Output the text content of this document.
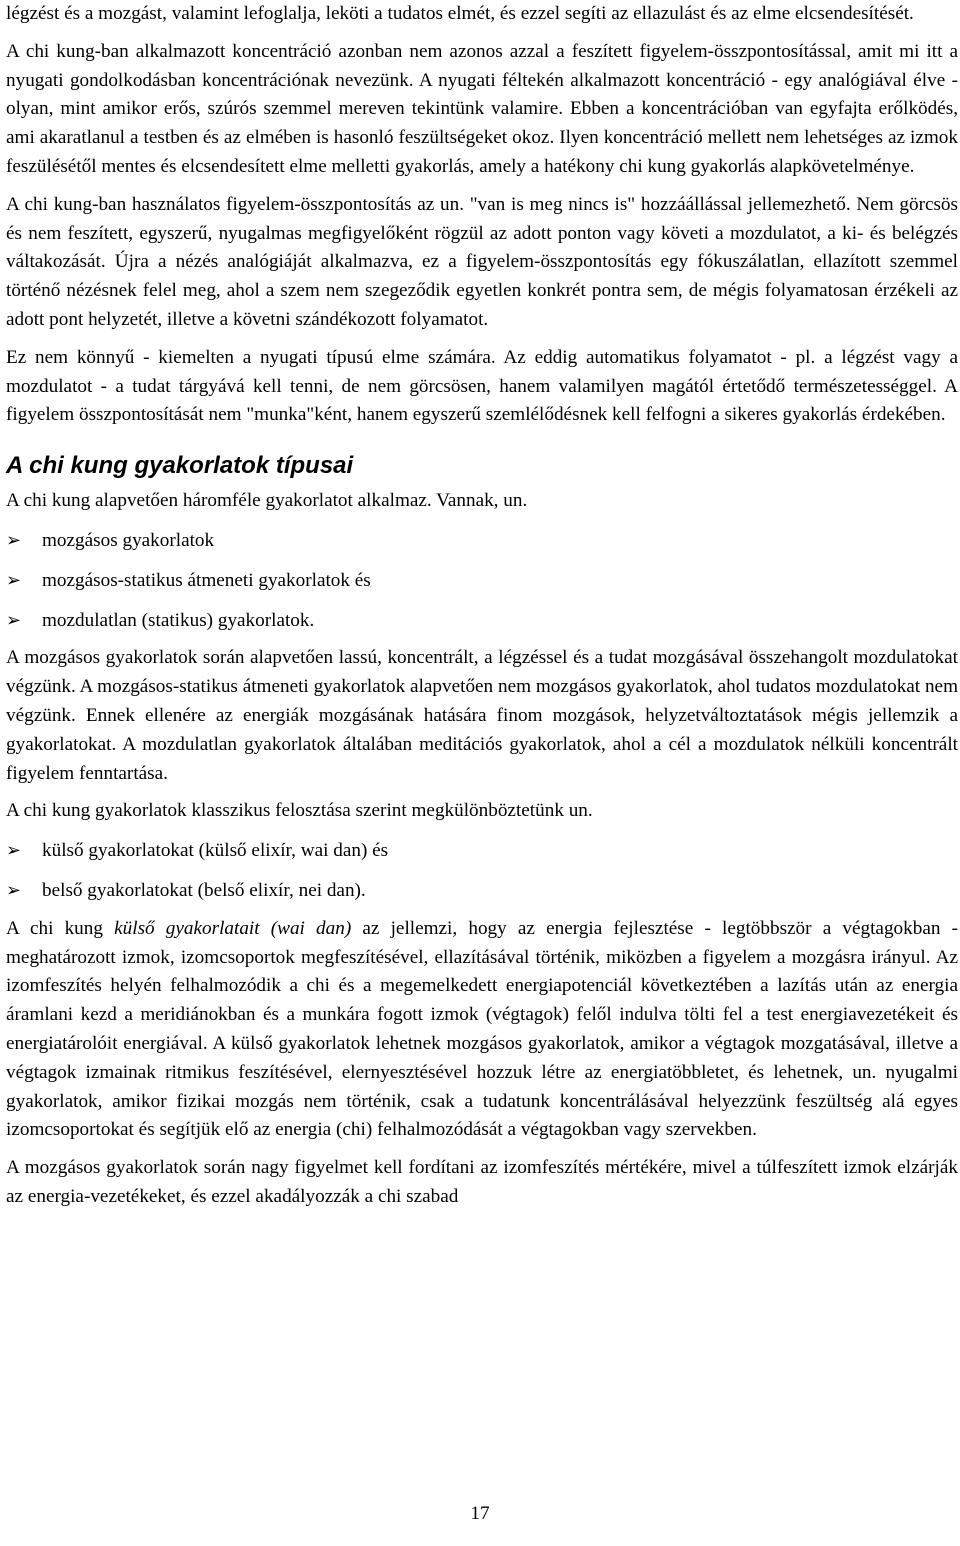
légzést és a mozgást, valamint lefoglalja, leköti a tudatos elmét, és ezzel segíti az ellazulást és az elme elcsendesítését.

A chi kung-ban alkalmazott koncentráció azonban nem azonos azzal a feszített figyelem-összpontosítással, amit mi itt a nyugati gondolkodásban koncentrációnak nevezünk. A nyugati féltekén alkalmazott koncentráció - egy analógiával élve - olyan, mint amikor erős, szúrós szemmel mereven tekintünk valamire. Ebben a koncentrációban van egyfajta erőlködés, ami akaratlanul a testben és az elmében is hasonló feszültségeket okoz. Ilyen koncentráció mellett nem lehetséges az izmok feszülésétől mentes és elcsendesített elme melletti gyakorlás, amely a hatékony chi kung gyakorlás alapkövetelménye.

A chi kung-ban használatos figyelem-összpontosítás az un. "van is meg nincs is" hozzáállással jellemezhető. Nem görcsös és nem feszített, egyszerű, nyugalmas megfigyelőként rögzül az adott ponton vagy követi a mozdulatot, a ki- és belégzés váltakozását. Újra a nézés analógiáját alkalmazva, ez a figyelem-összpontosítás egy fókuszálatlan, ellazított szemmel történő nézésnek felel meg, ahol a szem nem szegeződik egyetlen konkrét pontra sem, de mégis folyamatosan érzékeli az adott pont helyzetét, illetve a követni szándékozott folyamatot.

Ez nem könnyű - kiemelten a nyugati típusú elme számára. Az eddig automatikus folyamatot - pl. a légzést vagy a mozdulatot - a tudat tárgyává kell tenni, de nem görcsösen, hanem valamilyen magától értetődő természetességgel. A figyelem összpontosítását nem "munka"ként, hanem egyszerű szemlélődésnek kell felfogni a sikeres gyakorlás érdekében.

A chi kung gyakorlatok típusai

A chi kung alapvetően háromféle gyakorlatot alkalmaz. Vannak, un.

➢	mozgásos gyakorlatok
➢	mozgásos-statikus átmeneti gyakorlatok és
➢	mozdulatlan (statikus) gyakorlatok.

A mozgásos gyakorlatok során alapvetően lassú, koncentrált, a légzéssel és a tudat mozgásával összehangolt mozdulatokat végzünk. A mozgásos-statikus átmeneti gyakorlatok alapvetően nem mozgásos gyakorlatok, ahol tudatos mozdulatokat nem végzünk. Ennek ellenére az energiák mozgásának hatására finom mozgások, helyzetváltoztatások mégis jellemzik a gyakorlatokat. A mozdulatlan gyakorlatok általában meditációs gyakorlatok, ahol a cél a mozdulatok nélküli koncentrált figyelem fenntartása.

A chi kung gyakorlatok klasszikus felosztása szerint megkülönböztetünk un.

➢	külső gyakorlatokat (külső elixír, wai dan) és
➢	belső gyakorlatokat (belső elixír, nei dan).

A chi kung külső gyakorlatait (wai dan) az jellemzi, hogy az energia fejlesztése - legtöbbször a végtagokban - meghatározott izmok, izomcsoportok megfeszítésével, ellazításával történik, miközben a figyelem a mozgásra irányul. Az izomfeszítés helyén felhalmozódik a chi és a megemelkedett energiapotenciál következtében a lazítás után az energia áramlani kezd a meridiánokban és a munkára fogott izmok (végtagok) felől indulva tölti fel a test energiavezetékeit és energiatárolóit energiával. A külső gyakorlatok lehetnek mozgásos gyakorlatok, amikor a végtagok mozgatásával, illetve a végtagok izmainak ritmikus feszítésével, elernyesztésével hozzuk létre az energiatöbbletet, és lehetnek, un. nyugalmi gyakorlatok, amikor fizikai mozgás nem történik, csak a tudatunk koncentrálásával helyezzünk feszültség alá egyes izomcsoportokat és segítjük elő az energia (chi) felhalmozódását a végtagokban vagy szervekben.

A mozgásos gyakorlatok során nagy figyelmet kell fordítani az izomfeszítés mértékére, mivel a túlfeszített izmok elzárják az energia-vezetékeket, és ezzel akadályozzák a chi szabad

17
